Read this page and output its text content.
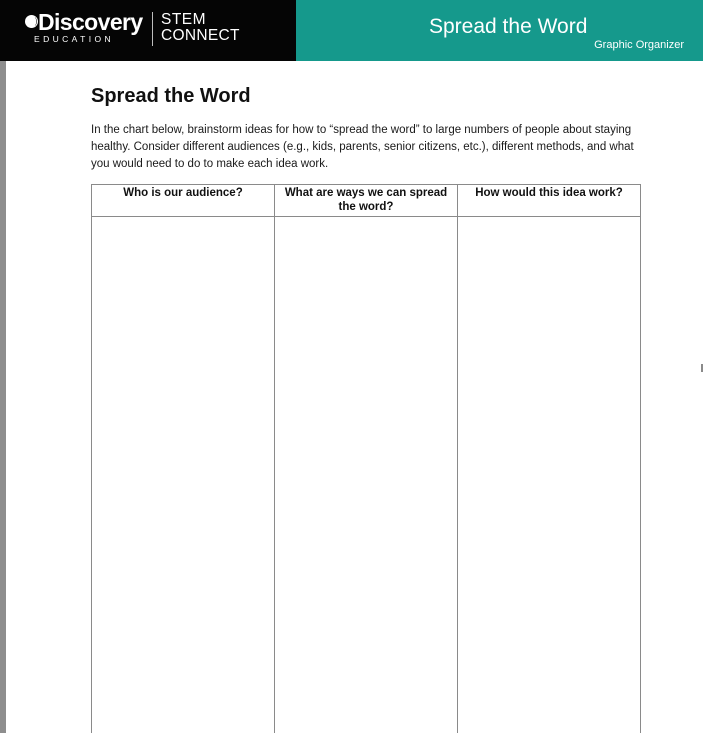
Discovery
EDUCATION
STEM
CONNECT	Spread the Word
Graphic Organizer
Spread the Word

In the chart below, brainstorm ideas for how to “spread the word” to large numbers of people about staying healthy. Consider different audiences (e.g., kids, parents, senior citizens, etc.), different methods, and what you would need to do to make each idea work.

Who is our audience?	What are ways we can spread the word?	How would this idea work?
